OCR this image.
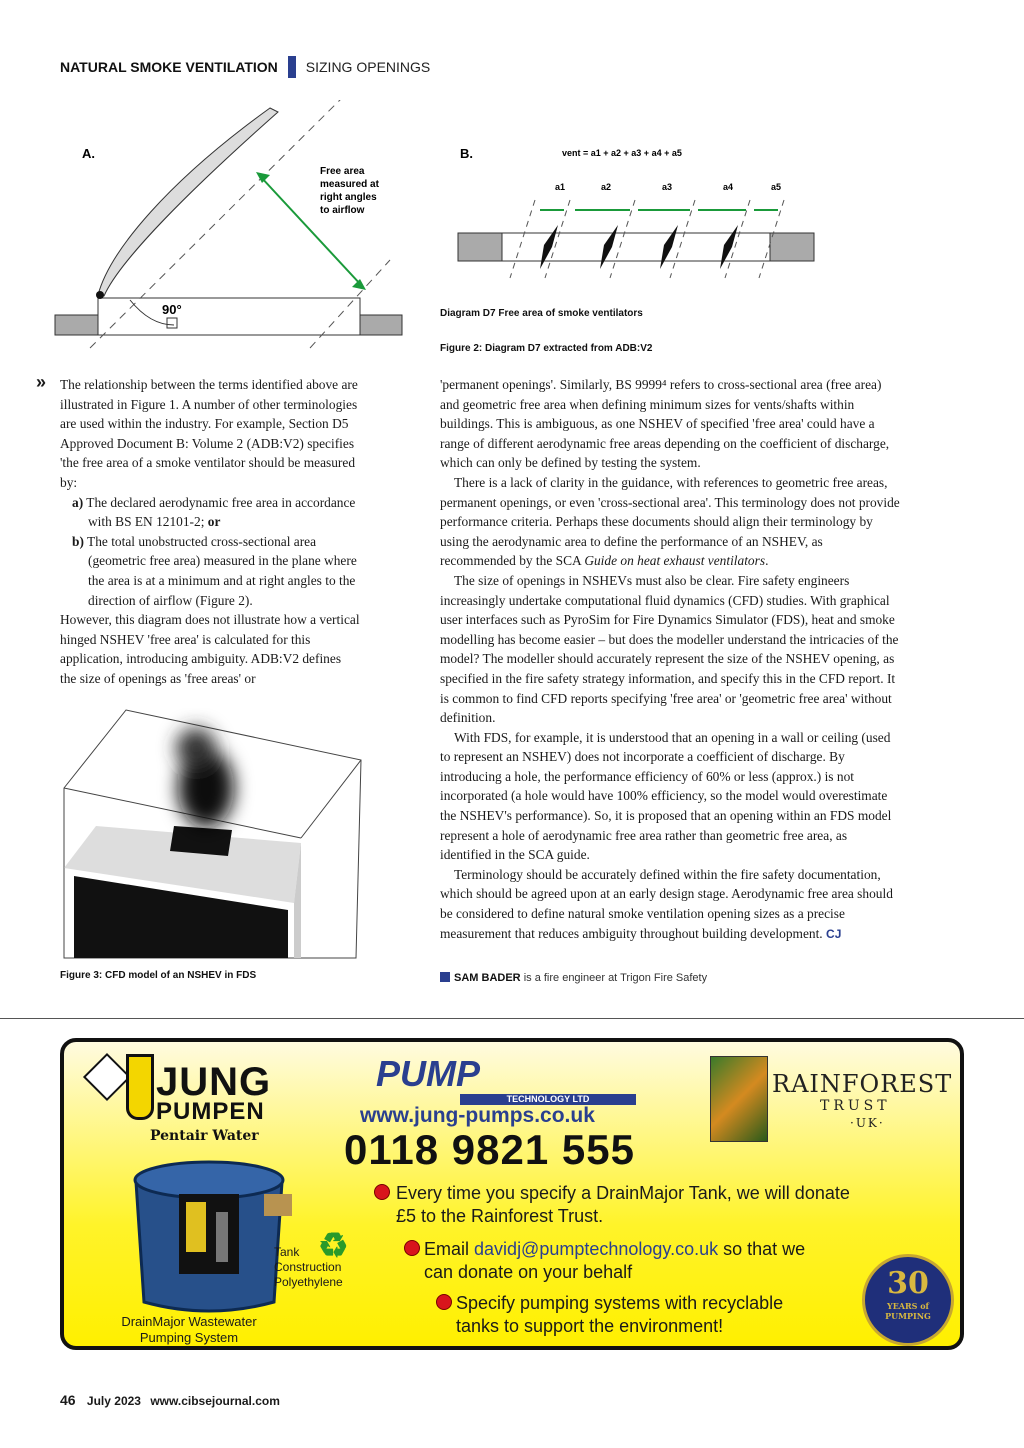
NATURAL SMOKE VENTILATION SIZING OPENINGS
A.
Free area
measured at
right angles
to airflow
90°
B.	vent = a1 + a2 + a3 + a4 + a5
a1	a2	a3	a4	a5
Diagram D7 Free area of smoke ventilators
Figure 2: Diagram D7 extracted from ADB:V2
» The relationship between the terms identified above are illustrated in Figure 1. A number of other terminologies are used within the industry. For example, Section D5 Approved Document B: Volume 2 (ADB:V2) specifies 'the free area of a smoke ventilator should be measured by:

a) The declared aerodynamic free area in accordance with BS EN 12101-2; or

b) The total unobstructed cross-sectional area (geometric free area) measured in the plane where the area is at a minimum and at right angles to the direction of airflow (Figure 2).

However, this diagram does not illustrate how a vertical hinged NSHEV 'free area' is calculated for this application, introducing ambiguity. ADB:V2 defines the size of openings as 'free areas' or

Figure 3: CFD model of an NSHEV in FDS

'permanent openings'. Similarly, BS 9999⁴ refers to cross-sectional area (free area) and geometric free area when defining minimum sizes for vents/shafts within buildings. This is ambiguous, as one NSHEV of specified 'free area' could have a range of different aerodynamic free areas depending on the coefficient of discharge, which can only be defined by testing the system.

There is a lack of clarity in the guidance, with references to geometric free areas, permanent openings, or even 'cross-sectional area'. This terminology does not provide performance criteria. Perhaps these documents should align their terminology by using the aerodynamic area to define the performance of an NSHEV, as recommended by the SCA Guide on heat exhaust ventilators.

The size of openings in NSHEVs must also be clear. Fire safety engineers increasingly undertake computational fluid dynamics (CFD) studies. With graphical user interfaces such as PyroSim for Fire Dynamics Simulator (FDS), heat and smoke modelling has become easier – but does the modeller understand the intricacies of the model? The modeller should accurately represent the size of the NSHEV opening, as specified in the fire safety strategy information, and specify this in the CFD report. It is common to find CFD reports specifying 'free area' or 'geometric free area' without definition.

With FDS, for example, it is understood that an opening in a wall or ceiling (used to represent an NSHEV) does not incorporate a coefficient of discharge. By introducing a hole, the performance efficiency of 60% or less (approx.) is not incorporated (a hole would have 100% efficiency, so the model would overestimate the NSHEV's performance). So, it is proposed that an opening within an FDS model represent a hole of aerodynamic free area rather than geometric free area, as identified in the SCA guide.

Terminology should be accurately defined within the fire safety documentation, which should be agreed upon at an early design stage. Aerodynamic free area should be considered to define natural smoke ventilation opening sizes as a precise measurement that reduces ambiguity throughout building development. CJ

SAM BADER is a fire engineer at Trigon Fire Safety
JUNG
PUMPEN
Pentair Water
Tank
Construction
Polyethylene
♻
DrainMajor Wastewater
Pumping System
PUMP
TECHNOLOGY LTD
www.jung-pumps.co.uk
0118 9821 555
RAINFOREST
TRUST
·UK·
Every time you specify a DrainMajor Tank, we will donate
£5 to the Rainforest Trust.
Email davidj@pumptechnology.co.uk so that we
can donate on your behalf
Specify pumping systems with recyclable
tanks to support the environment!
30
YEARS of
PUMPING
46 July 2023 www.cibsejournal.com
